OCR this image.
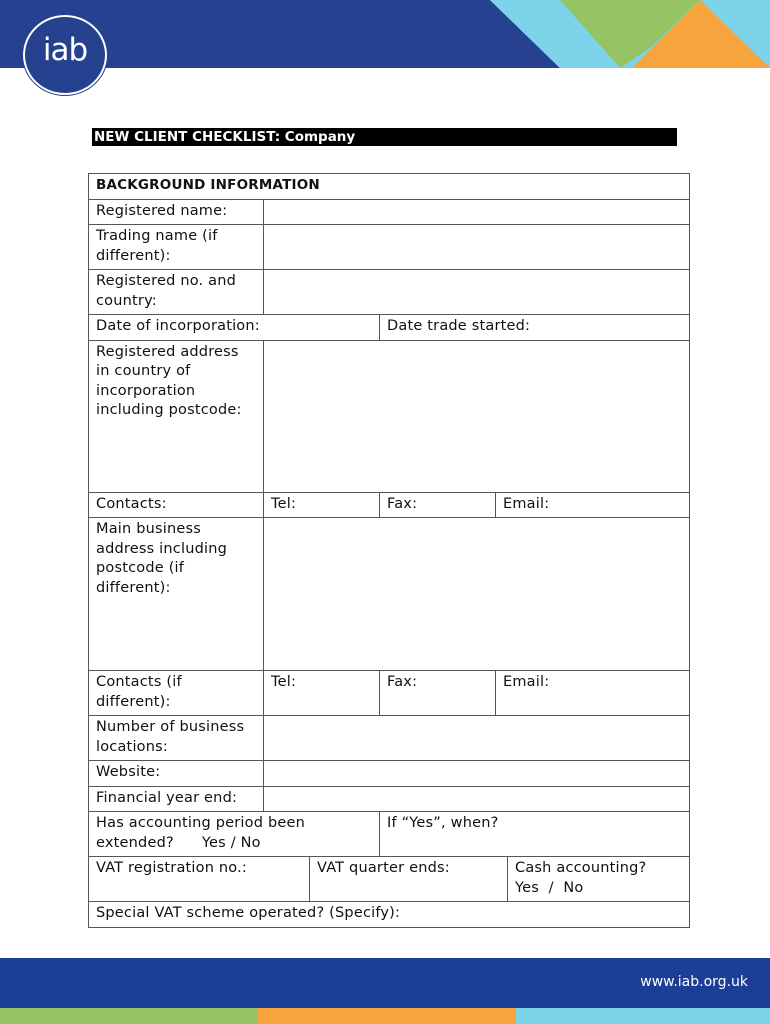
iab
NEW CLIENT CHECKLIST: Company
BACKGROUND INFORMATION					
Registered name:					
Trading name (if different):					
Registered no. and country:					
Date of incorporation:			Date trade started:		
Registered address in country of incorporation including postcode:					
Contacts:	Tel:		Fax:	Email:	
Main business address including postcode (if different):					
Contacts (if different):	Tel:		Fax:	Email:	
Number of business locations:					
Website:					
Financial year end:					
Has accounting period been extended? Yes / No			If “Yes”, when?		
VAT registration no.:		VAT quarter ends:			Cash accounting?
Yes  /  No
Special VAT scheme operated? (Specify):					
www.iab.org.uk
